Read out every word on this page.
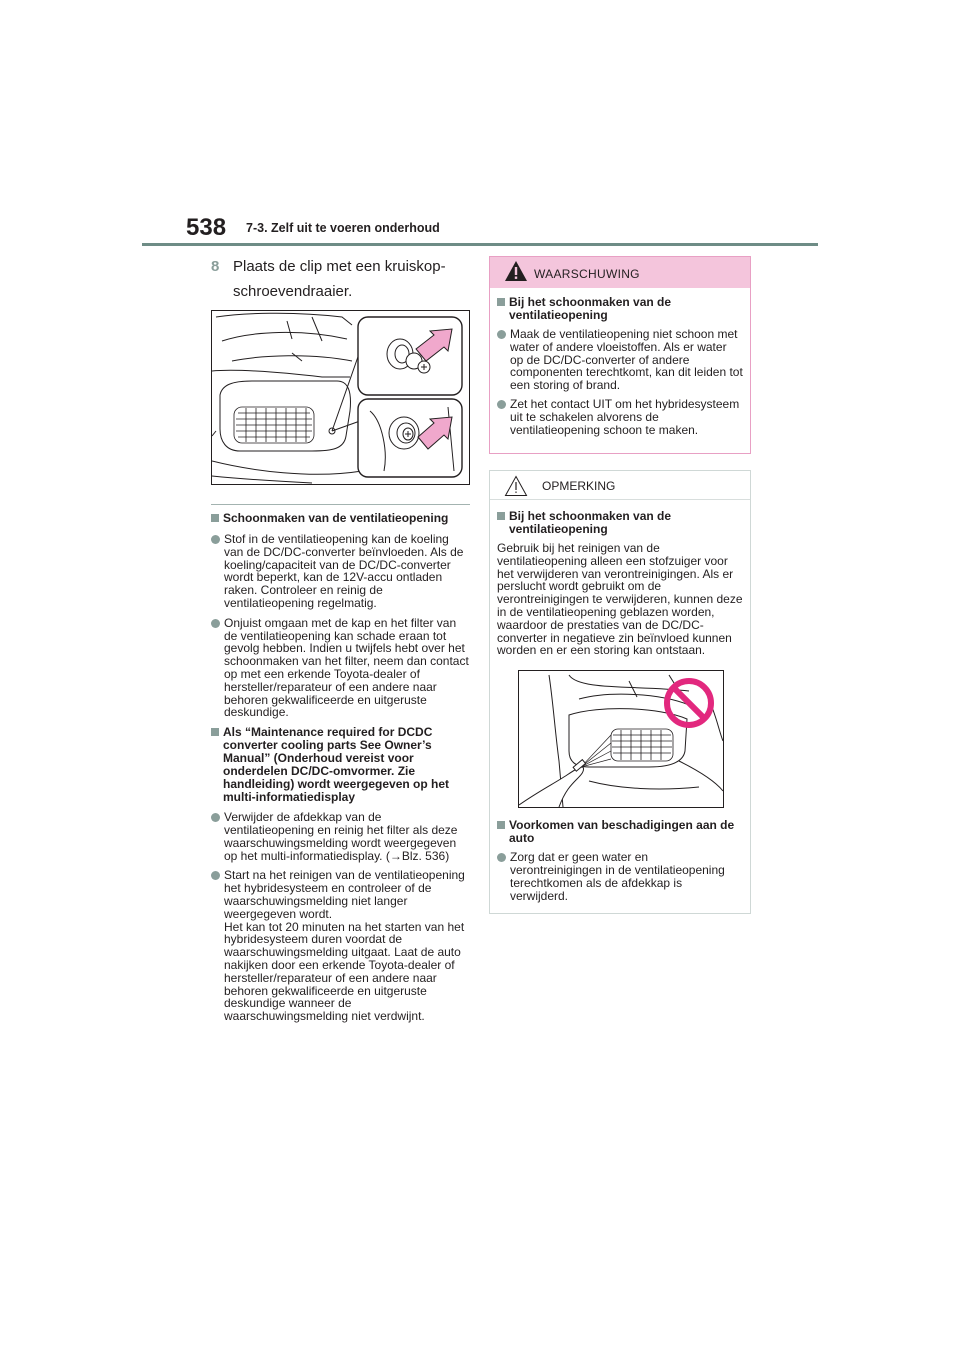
538 7-3. Zelf uit te voeren onderhoud
8 Plaats de clip met een kruiskop-schroevendraaier.
Schoonmaken van de ventilatieopening
Stof in de ventilatieopening kan de koeling van de DC/DC-converter beïnvloeden. Als de koeling/capaciteit van de DC/DC-converter wordt beperkt, kan de 12V-accu ontladen raken. Controleer en reinig de ventilatieopening regelmatig.
Onjuist omgaan met de kap en het filter van de ventilatieopening kan schade eraan tot gevolg hebben. Indien u twijfels hebt over het schoonmaken van het filter, neem dan contact op met een erkende Toyota-dealer of hersteller/reparateur of een andere naar behoren gekwalificeerde en uitgeruste deskundige.
Als “Maintenance required for DCDC converter cooling parts See Owner’s Manual” (Onderhoud vereist voor onderdelen DC/DC-omvormer. Zie handleiding) wordt weergegeven op het multi-informatiedisplay
Verwijder de afdekkap van de ventilatieopening en reinig het filter als deze waarschuwingsmelding wordt weergegeven op het multi-informatiedisplay. (→Blz. 536)
Start na het reinigen van de ventilatieopening het hybridesysteem en controleer of de waarschuwingsmelding niet langer weergegeven wordt.
Het kan tot 20 minuten na het starten van het hybridesysteem duren voordat de waarschuwingsmelding uitgaat. Laat de auto nakijken door een erkende Toyota-dealer of hersteller/reparateur of een andere naar behoren gekwalificeerde en uitgeruste deskundige wanneer de waarschuwingsmelding niet verdwijnt.
WAARSCHUWING
Bij het schoonmaken van de ventilatieopening
Maak de ventilatieopening niet schoon met water of andere vloeistoffen. Als er water op de DC/DC-converter of andere componenten terechtkomt, kan dit leiden tot een storing of brand.
Zet het contact UIT om het hybridesysteem uit te schakelen alvorens de ventilatieopening schoon te maken.
OPMERKING
Bij het schoonmaken van de ventilatieopening
Gebruik bij het reinigen van de ventilatieopening alleen een stofzuiger voor het verwijderen van verontreinigingen. Als er perslucht wordt gebruikt om de verontreinigingen te verwijderen, kunnen deze in de ventilatieopening geblazen worden, waardoor de prestaties van de DC/DC-converter in negatieve zin beïnvloed kunnen worden en er een storing kan ontstaan.
Voorkomen van beschadigingen aan de auto
Zorg dat er geen water en verontreinigingen in de ventilatieopening terechtkomen als de afdekkap is verwijderd.
